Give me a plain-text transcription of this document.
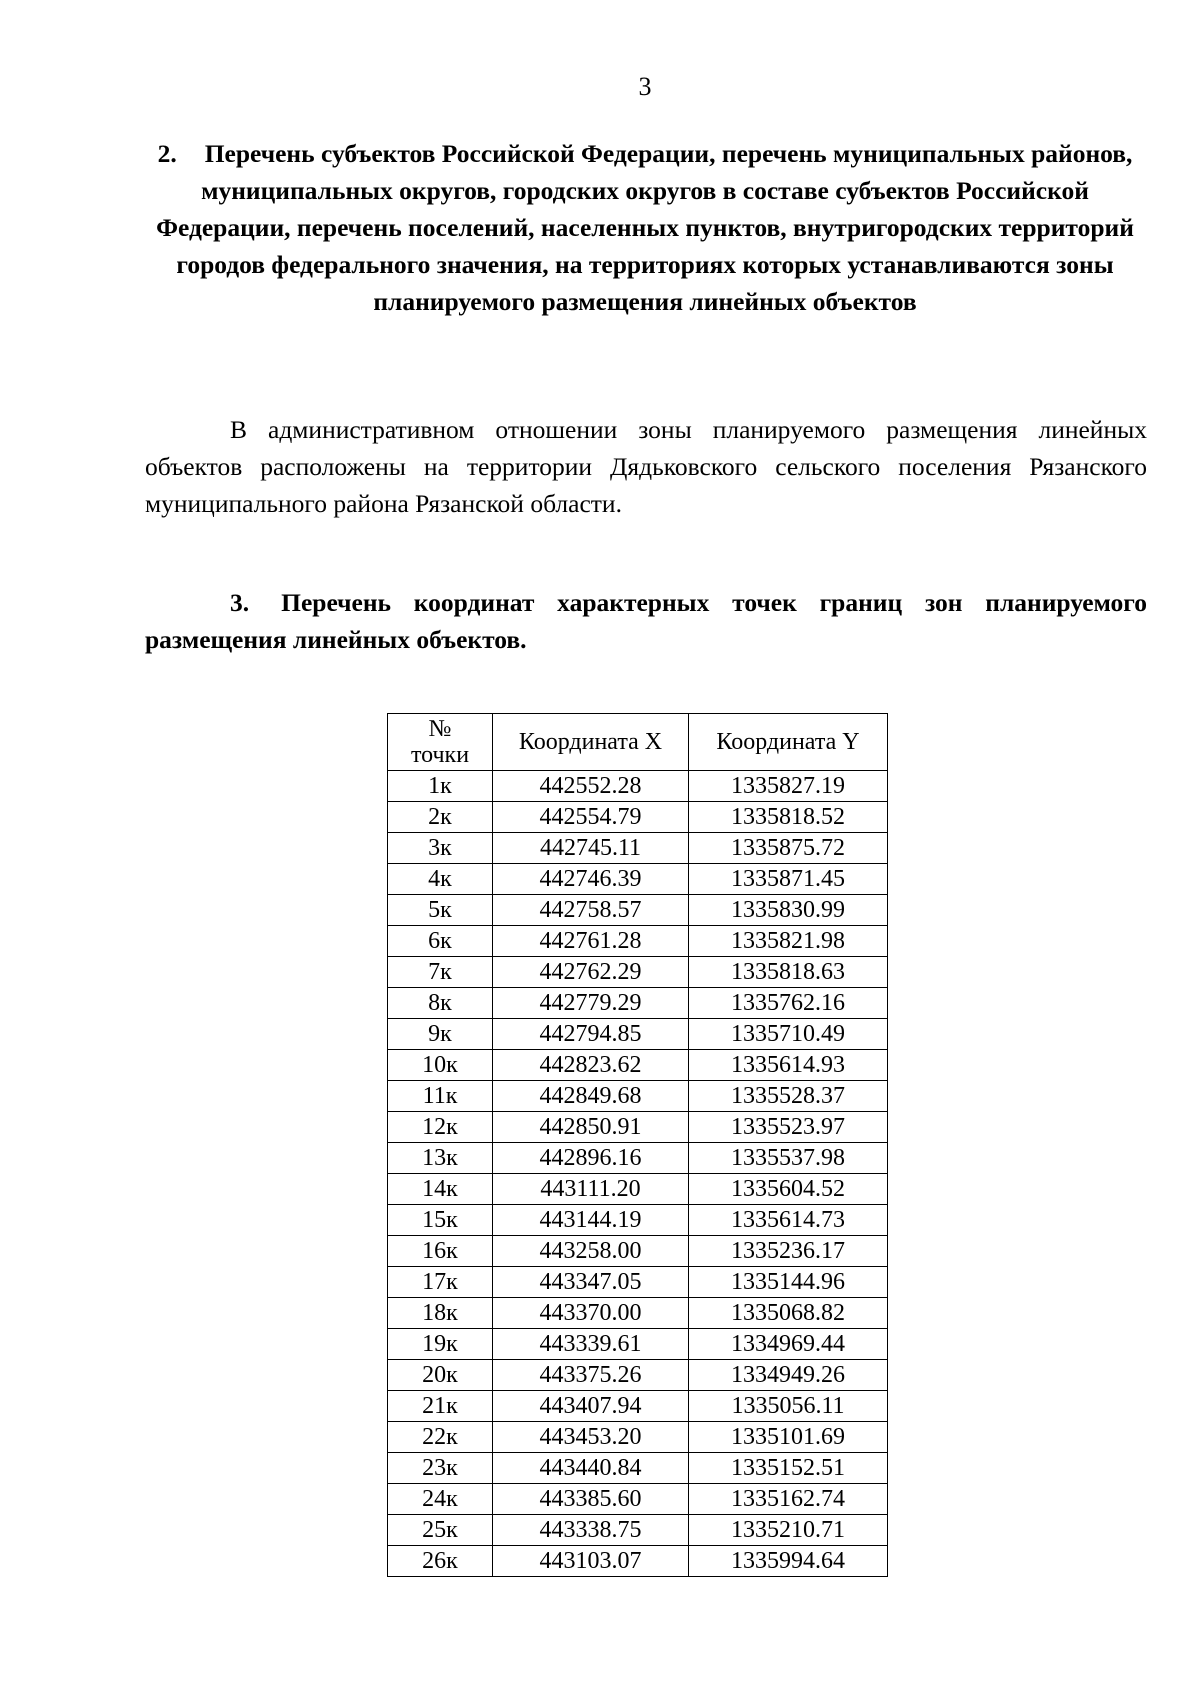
3
2. Перечень субъектов Российской Федерации, перечень муниципальных районов, муниципальных округов, городских округов в составе субъектов Российской Федерации, перечень поселений, населенных пунктов, внутригородских территорий городов федерального значения, на территориях которых устанавливаются зоны планируемого размещения линейных объектов
В административном отношении зоны планируемого размещения линейных объектов расположены на территории Дядьковского сельского поселения Рязанского муниципального района Рязанской области.
3. Перечень координат характерных точек границ зон планируемого размещения линейных объектов.
№
точки	Координата X	Координата Y
1к	442552.28	1335827.19
2к	442554.79	1335818.52
3к	442745.11	1335875.72
4к	442746.39	1335871.45
5к	442758.57	1335830.99
6к	442761.28	1335821.98
7к	442762.29	1335818.63
8к	442779.29	1335762.16
9к	442794.85	1335710.49
10к	442823.62	1335614.93
11к	442849.68	1335528.37
12к	442850.91	1335523.97
13к	442896.16	1335537.98
14к	443111.20	1335604.52
15к	443144.19	1335614.73
16к	443258.00	1335236.17
17к	443347.05	1335144.96
18к	443370.00	1335068.82
19к	443339.61	1334969.44
20к	443375.26	1334949.26
21к	443407.94	1335056.11
22к	443453.20	1335101.69
23к	443440.84	1335152.51
24к	443385.60	1335162.74
25к	443338.75	1335210.71
26к	443103.07	1335994.64
